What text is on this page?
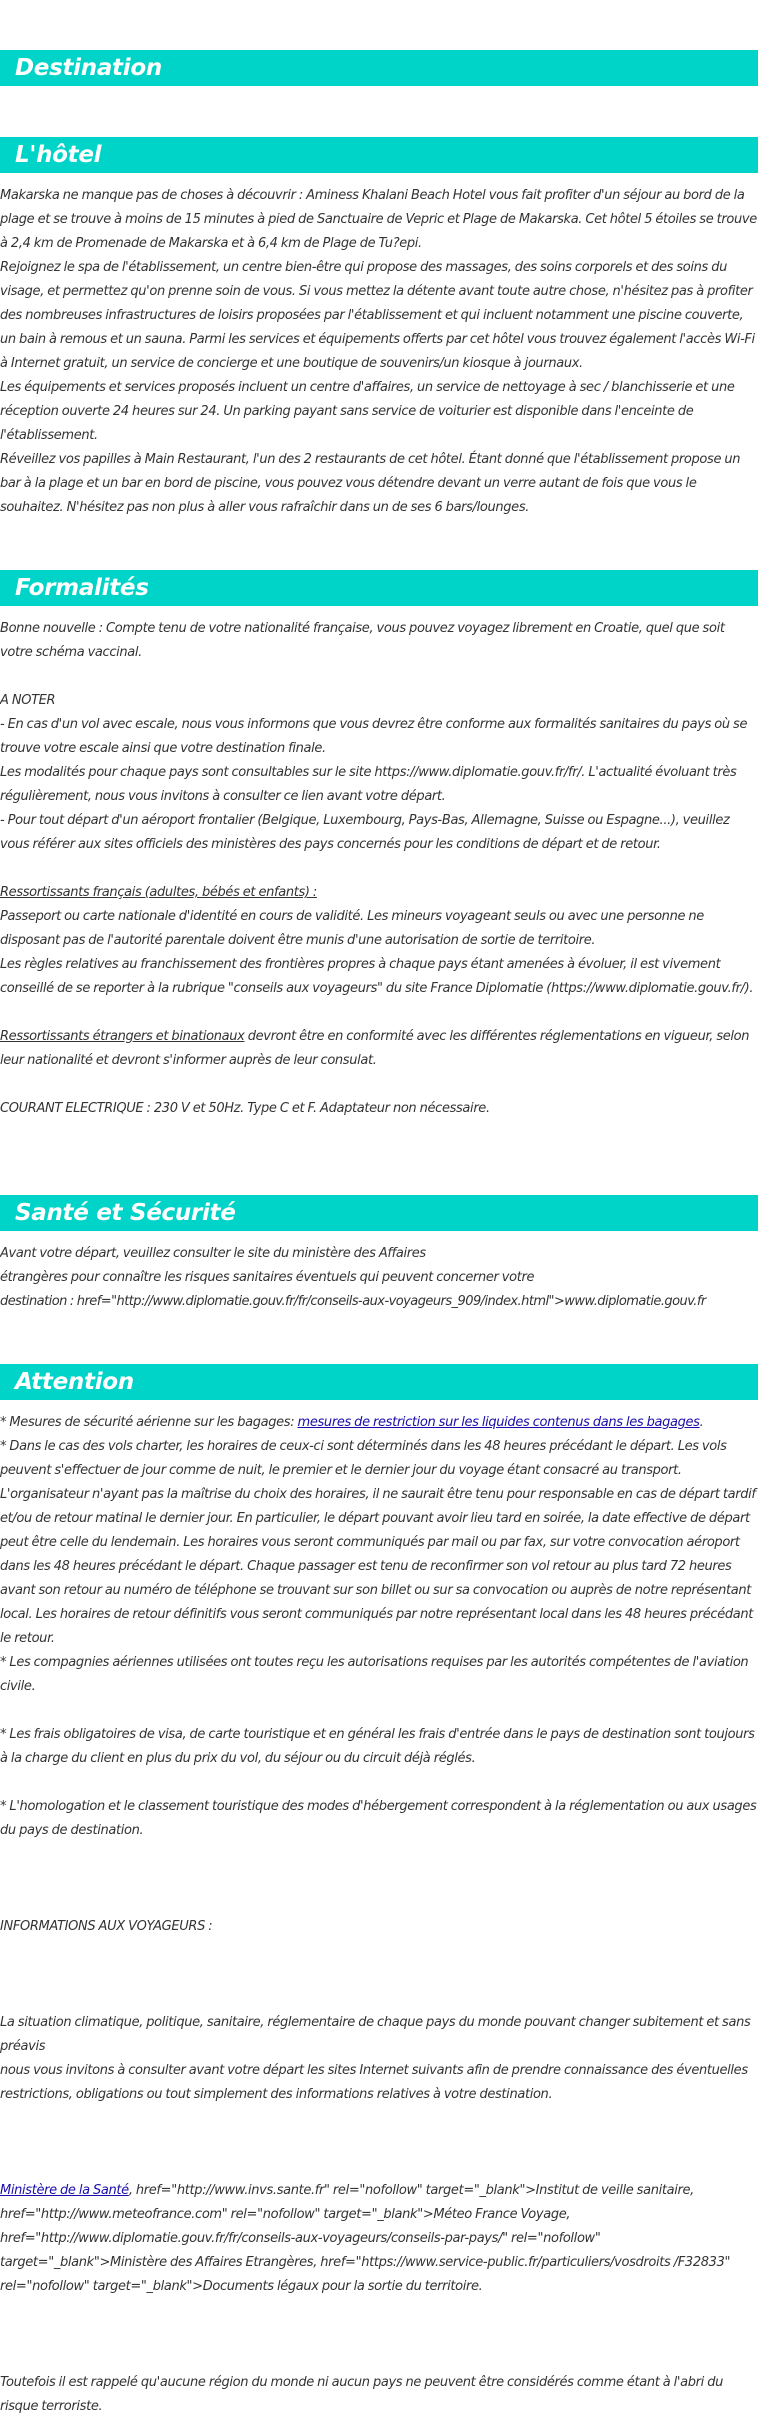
Destination
L'hôtel

Makarska ne manque pas de choses à découvrir : Aminess Khalani Beach Hotel vous fait profiter d'un séjour au bord de la plage et se trouve à moins de 15 minutes à pied de Sanctuaire de Vepric et Plage de Makarska. Cet hôtel 5 étoiles se trouve à 2,4 km de Promenade de Makarska et à 6,4 km de Plage de Tu?epi.

Rejoignez le spa de l'établissement, un centre bien-être qui propose des massages, des soins corporels et des soins du visage, et permettez qu'on prenne soin de vous. Si vous mettez la détente avant toute autre chose, n'hésitez pas à profiter des nombreuses infrastructures de loisirs proposées par l'établissement et qui incluent notamment une piscine couverte, un bain à remous et un sauna. Parmi les services et équipements offerts par cet hôtel vous trouvez également l'accès Wi-Fi à Internet gratuit, un service de concierge et une boutique de souvenirs/un kiosque à journaux.

Les équipements et services proposés incluent un centre d'affaires, un service de nettoyage à sec / blanchisserie et une réception ouverte 24 heures sur 24. Un parking payant sans service de voiturier est disponible dans l'enceinte de l'établissement.

Réveillez vos papilles à Main Restaurant, l'un des 2 restaurants de cet hôtel. Étant donné que l'établissement propose un bar à la plage et un bar en bord de piscine, vous pouvez vous détendre devant un verre autant de fois que vous le souhaitez. N'hésitez pas non plus à aller vous rafraîchir dans un de ses 6 bars/lounges.

Formalités

Bonne nouvelle : Compte tenu de votre nationalité française, vous pouvez voyagez librement en Croatie, quel que soit votre schéma vaccinal.

A NOTER

- En cas d'un vol avec escale, nous vous informons que vous devrez être conforme aux formalités sanitaires du pays où se trouve votre escale ainsi que votre destination finale.

Les modalités pour chaque pays sont consultables sur le site https://www.diplomatie.gouv.fr/fr/. L'actualité évoluant très régulièrement, nous vous invitons à consulter ce lien avant votre départ.

- Pour tout départ d'un aéroport frontalier (Belgique, Luxembourg, Pays-Bas, Allemagne, Suisse ou Espagne...), veuillez vous référer aux sites officiels des ministères des pays concernés pour les conditions de départ et de retour.

Ressortissants français (adultes, bébés et enfants) :

Passeport ou carte nationale d'identité en cours de validité. Les mineurs voyageant seuls ou avec une personne ne disposant pas de l'autorité parentale doivent être munis d'une autorisation de sortie de territoire.

Les règles relatives au franchissement des frontières propres à chaque pays étant amenées à évoluer, il est vivement conseillé de se reporter à la rubrique "conseils aux voyageurs" du site France Diplomatie (https://www.diplomatie.gouv.fr/).

Ressortissants étrangers et binationaux devront être en conformité avec les différentes réglementations en vigueur, selon leur nationalité et devront s'informer auprès de leur consulat.

COURANT ELECTRIQUE : 230 V et 50Hz. Type C et F. Adaptateur non nécessaire.

Santé et Sécurité

Avant votre départ, veuillez consulter le site du ministère des Affaires

étrangères pour connaître les risques sanitaires éventuels qui peuvent concerner votre

destination : href="http://www.diplomatie.gouv.fr/fr/conseils-aux-voyageurs_909/index.html">www.diplomatie.gouv.fr

Attention

* Mesures de sécurité aérienne sur les bagages: mesures de restriction sur les liquides contenus dans les bagages.

* Dans le cas des vols charter, les horaires de ceux-ci sont déterminés dans les 48 heures précédant le départ. Les vols peuvent s'effectuer de jour comme de nuit, le premier et le dernier jour du voyage étant consacré au transport. L'organisateur n'ayant pas la maîtrise du choix des horaires, il ne saurait être tenu pour responsable en cas de départ tardif et/ou de retour matinal le dernier jour. En particulier, le départ pouvant avoir lieu tard en soirée, la date effective de départ peut être celle du lendemain. Les horaires vous seront communiqués par mail ou par fax, sur votre convocation aéroport dans les 48 heures précédant le départ. Chaque passager est tenu de reconfirmer son vol retour au plus tard 72 heures avant son retour au numéro de téléphone se trouvant sur son billet ou sur sa convocation ou auprès de notre représentant local. Les horaires de retour définitifs vous seront communiqués par notre représentant local dans les 48 heures précédant le retour.

* Les compagnies aériennes utilisées ont toutes reçu les autorisations requises par les autorités compétentes de l'aviation civile.

* Les frais obligatoires de visa, de carte touristique et en général les frais d'entrée dans le pays de destination sont toujours à la charge du client en plus du prix du vol, du séjour ou du circuit déjà réglés.

* L'homologation et le classement touristique des modes d'hébergement correspondent à la réglementation ou aux usages du pays de destination.

INFORMATIONS AUX VOYAGEURS :

La situation climatique, politique, sanitaire, réglementaire de chaque pays du monde pouvant changer subitement et sans préavis

nous vous invitons à consulter avant votre départ les sites Internet suivants afin de prendre connaissance des éventuelles restrictions, obligations ou tout simplement des informations relatives à votre destination.

Ministère de la Santé, href="http://www.invs.sante.fr" rel="nofollow" target="_blank">Institut de veille sanitaire, href="http://www.meteofrance.com" rel="nofollow" target="_blank">Méteo France Voyage, href="http://www.diplomatie.gouv.fr/fr/conseils-aux-voyageurs/conseils-par-pays/" rel="nofollow" target="_blank">Ministère des Affaires Etrangères, href="https://www.service-public.fr/particuliers/vosdroits /F32833" rel="nofollow" target="_blank">Documents légaux pour la sortie du territoire.

Toutefois il est rappelé qu'aucune région du monde ni aucun pays ne peuvent être considérés comme étant à l'abri du risque terroriste.
